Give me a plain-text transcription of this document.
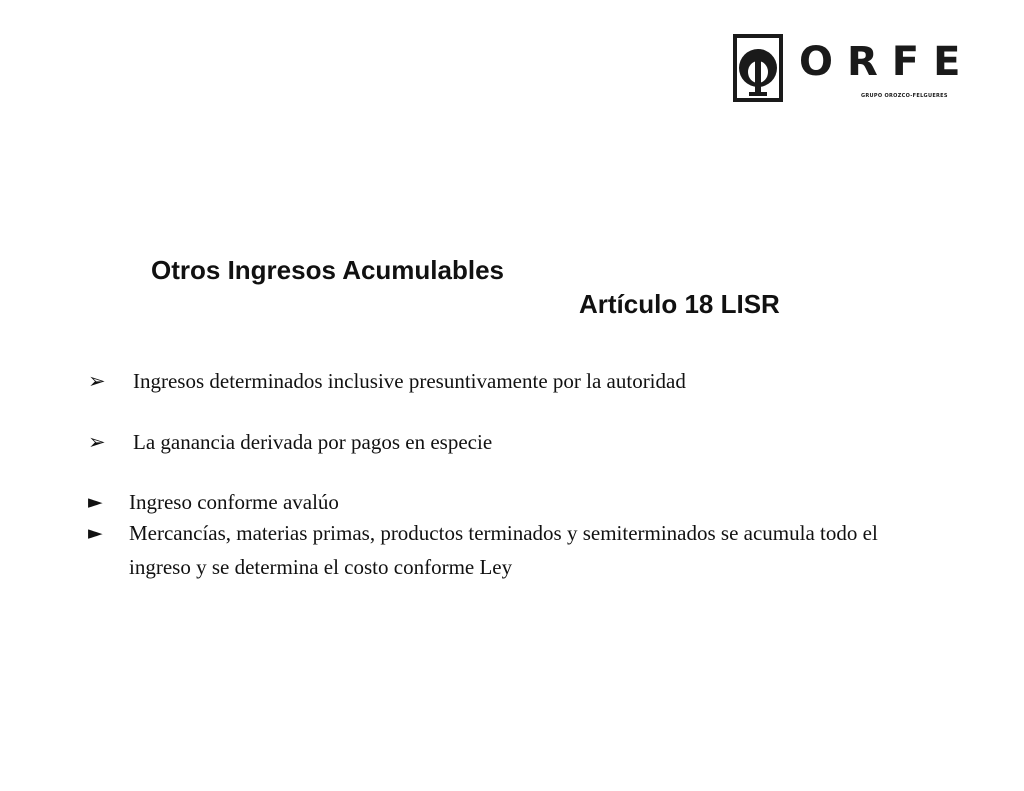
ORFE
GRUPO OROZCO-FELGUERES
Otros Ingresos Acumulables
Artículo 18 LISR
➢ Ingresos determinados inclusive presuntivamente por la autoridad
➢ La ganancia derivada por pagos en especie
► Ingreso conforme avalúo
► Mercancías, materias primas, productos terminados y semiterminados se acumula todo el ingreso y se determina el costo conforme Ley
